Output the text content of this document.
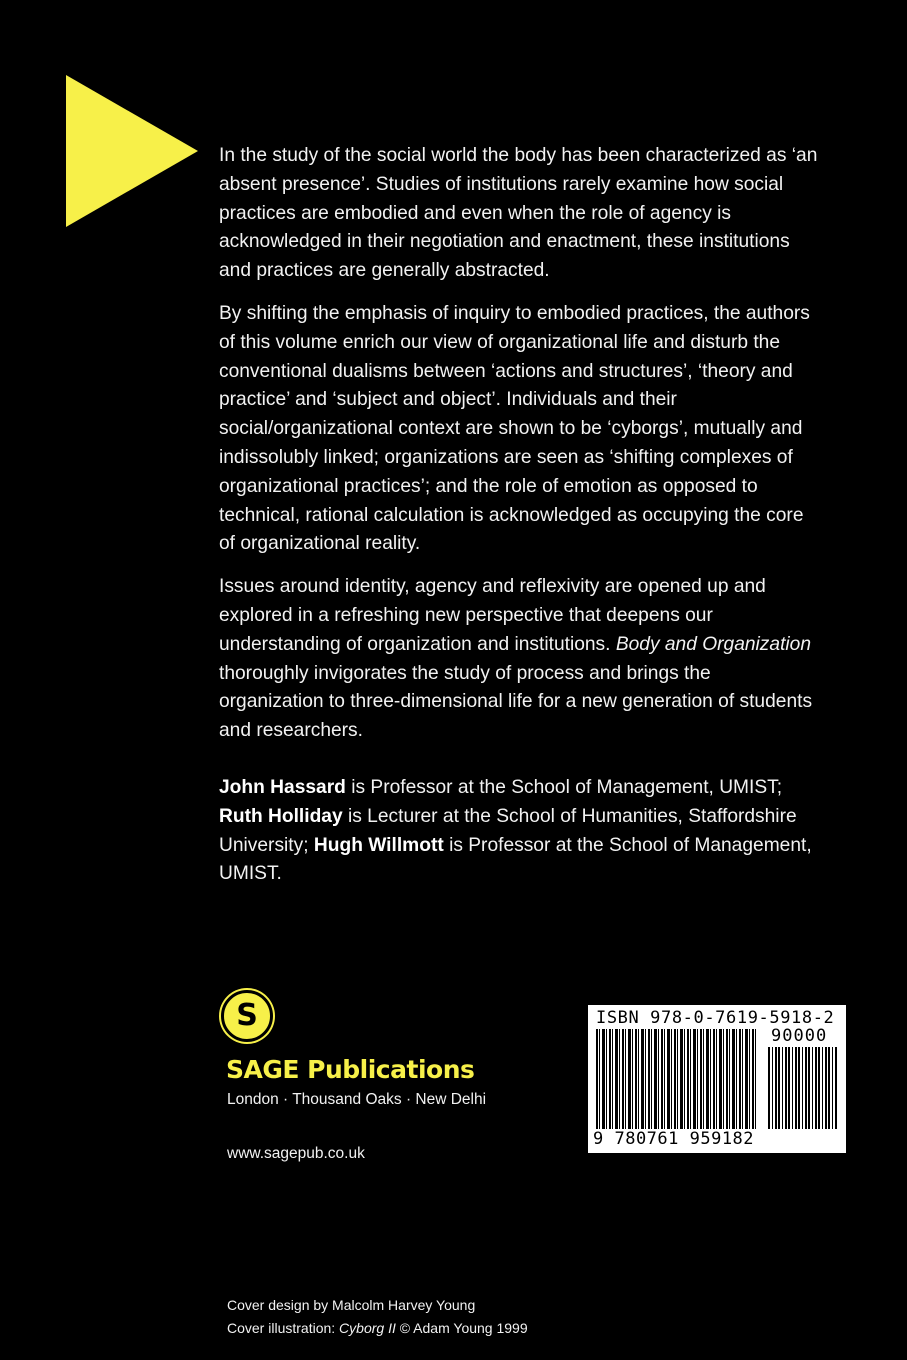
In the study of the social world the body has been characterized as ‘an absent presence’. Studies of institutions rarely examine how social practices are embodied and even when the role of agency is acknowledged in their negotiation and enactment, these institutions and practices are generally abstracted.

By shifting the emphasis of inquiry to embodied practices, the authors of this volume enrich our view of organizational life and disturb the conventional dualisms between ‘actions and structures’, ‘theory and practice’ and ‘subject and object’. Individuals and their social/organizational context are shown to be ‘cyborgs’, mutually and indissolubly linked; organizations are seen as ‘shifting complexes of organizational practices’; and the role of emotion as opposed to technical, rational calculation is acknowledged as occupying the core of organizational reality.

Issues around identity, agency and reflexivity are opened up and explored in a refreshing new perspective that deepens our understanding of organization and institutions. Body and Organization thoroughly invigorates the study of process and brings the organization to three-dimensional life for a new generation of students and researchers.

John Hassard is Professor at the School of Management, UMIST; Ruth Holliday is Lecturer at the School of Humanities, Staffordshire University; Hugh Willmott is Professor at the School of Management, UMIST.

S
SAGE Publications
London · Thousand Oaks · New Delhi
www.sagepub.co.uk
ISBN 978-0-7619-5918-2
90000
9 780761 959182
Cover design by Malcolm Harvey Young
Cover illustration: Cyborg II © Adam Young 1999
